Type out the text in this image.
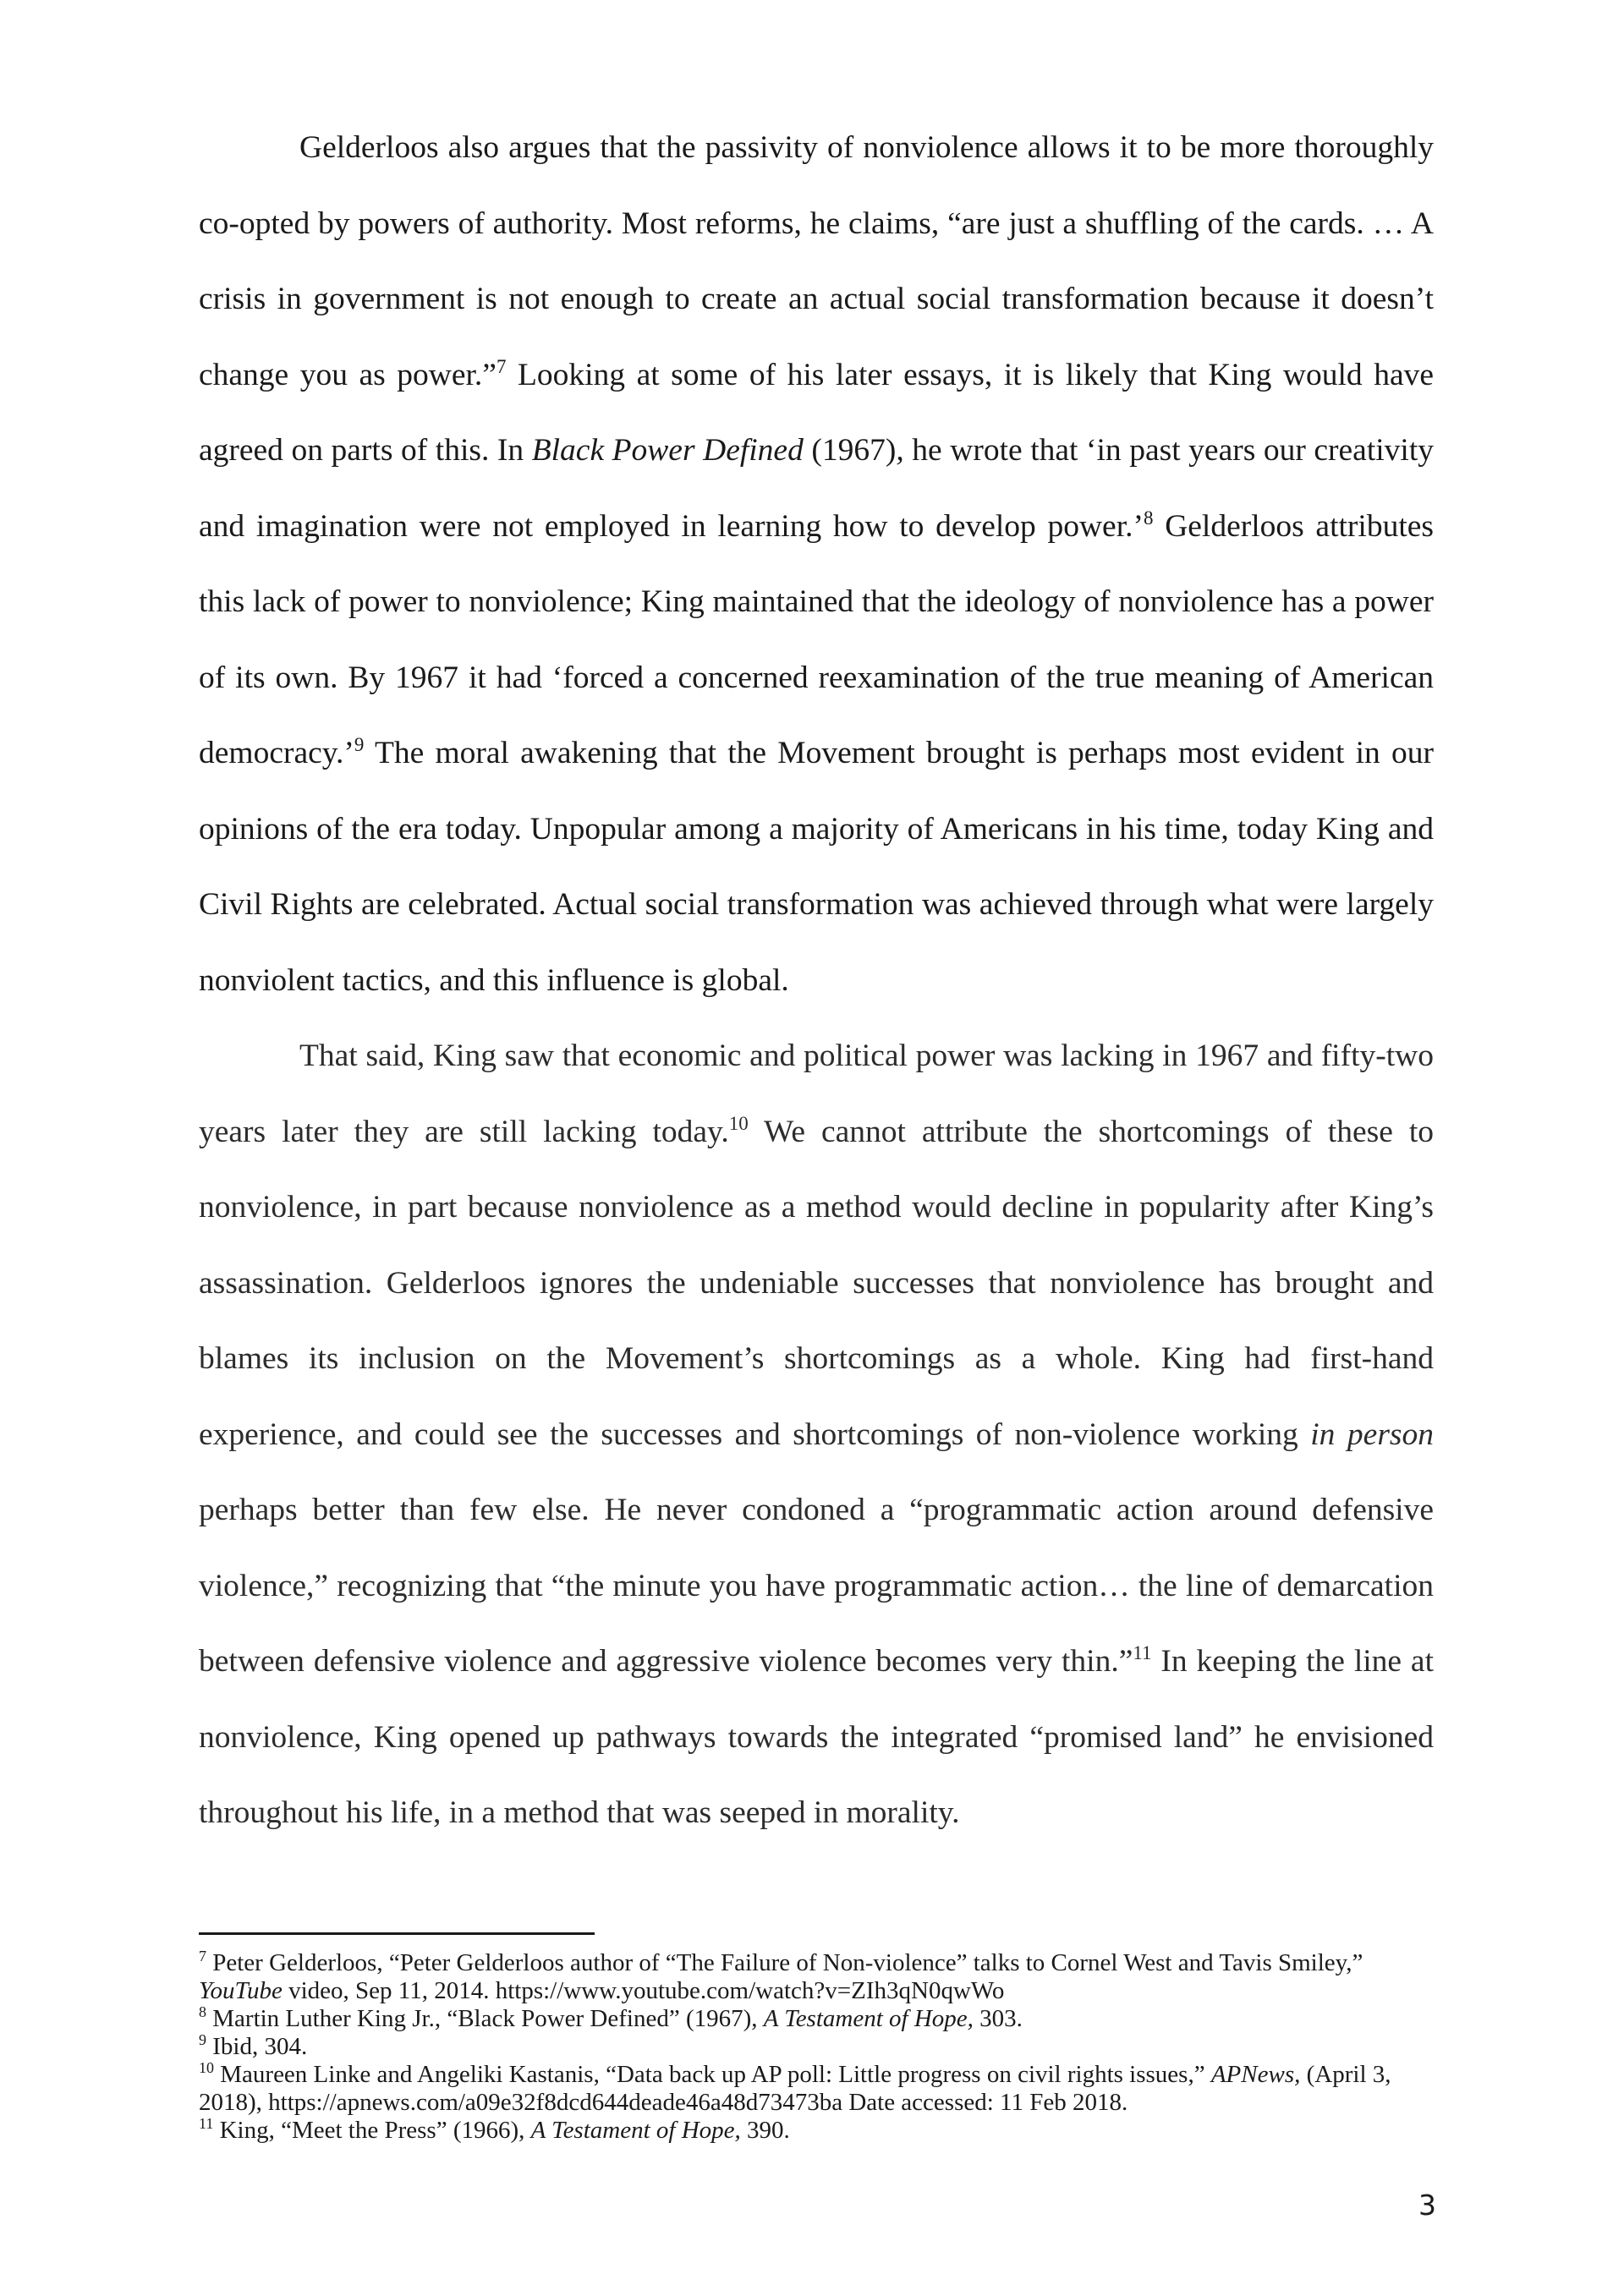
Gelderloos also argues that the passivity of nonviolence allows it to be more thoroughly co-opted by powers of authority. Most reforms, he claims, “are just a shuffling of the cards. … A crisis in government is not enough to create an actual social transformation because it doesn’t change you as power.”$^7$ Looking at some of his later essays, it is likely that King would have agreed on parts of this. In Black Power Defined (1967), he wrote that ‘in past years our creativity and imagination were not employed in learning how to develop power.’$^8$ Gelderloos attributes this lack of power to nonviolence; King maintained that the ideology of nonviolence has a power of its own. By 1967 it had ‘forced a concerned reexamination of the true meaning of American democracy.’$^9$ The moral awakening that the Movement brought is perhaps most evident in our opinions of the era today. Unpopular among a majority of Americans in his time, today King and Civil Rights are celebrated. Actual social transformation was achieved through what were largely nonviolent tactics, and this influence is global.

That said, King saw that economic and political power was lacking in 1967 and fifty-two years later they are still lacking today.$^{10}$ We cannot attribute the shortcomings of these to nonviolence, in part because nonviolence as a method would decline in popularity after King’s assassination. Gelderloos ignores the undeniable successes that nonviolence has brought and blames its inclusion on the Movement’s shortcomings as a whole. King had first-hand experience, and could see the successes and shortcomings of non-violence working in person perhaps better than few else. He never condoned a “programmatic action around defensive violence,” recognizing that “the minute you have programmatic action… the line of demarcation between defensive violence and aggressive violence becomes very thin.”$^{11}$ In keeping the line at nonviolence, King opened up pathways towards the integrated “promised land” he envisioned throughout his life, in a method that was seeped in morality.

$^7$ Peter Gelderloos, “Peter Gelderloos author of “The Failure of Non-violence” talks to Cornel West and Tavis Smiley,” YouTube video, Sep 11, 2014. https://www.youtube.com/watch?v=ZIh3qN0qwWo

$^8$ Martin Luther King Jr., “Black Power Defined” (1967), A Testament of Hope, 303.

$^9$ Ibid, 304.

$^{10}$ Maureen Linke and Angeliki Kastanis, “Data back up AP poll: Little progress on civil rights issues,” APNews, (April 3, 2018), https://apnews.com/a09e32f8dcd644deade46a48d73473ba Date accessed: 11 Feb 2018.

$^{11}$ King, “Meet the Press” (1966), A Testament of Hope, 390.

3
